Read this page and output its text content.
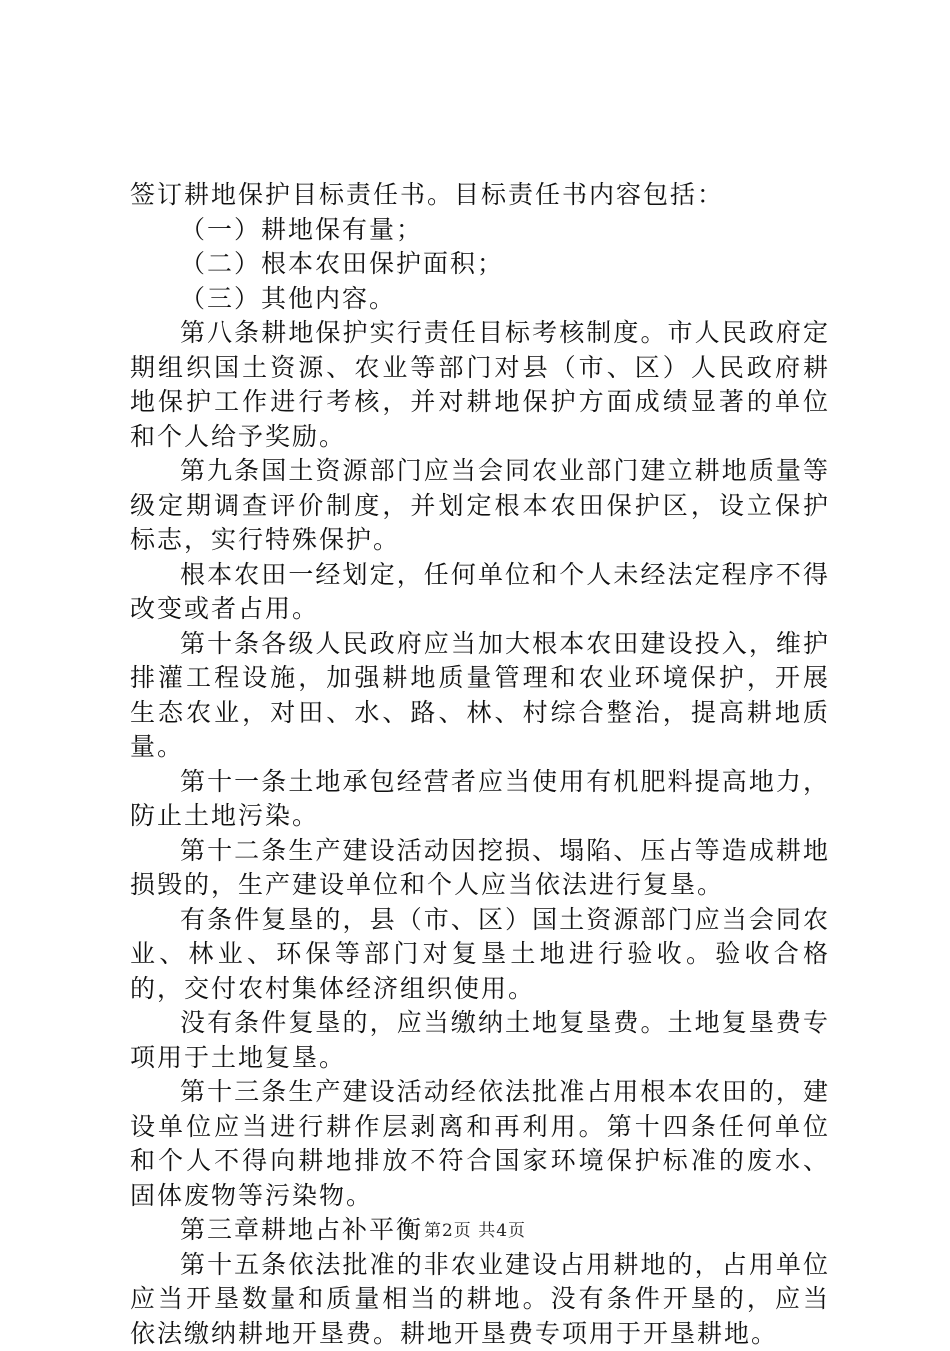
签订耕地保护目标责任书。目标责任书内容包括：

（一）耕地保有量；

（二）根本农田保护面积；

（三）其他内容。

第八条耕地保护实行责任目标考核制度。市人民政府定期组织国土资源、农业等部门对县（市、区）人民政府耕地保护工作进行考核，并对耕地保护方面成绩显著的单位和个人给予奖励。

第九条国土资源部门应当会同农业部门建立耕地质量等级定期调查评价制度，并划定根本农田保护区，设立保护标志，实行特殊保护。

根本农田一经划定，任何单位和个人未经法定程序不得改变或者占用。

第十条各级人民政府应当加大根本农田建设投入，维护排灌工程设施，加强耕地质量管理和农业环境保护，开展生态农业，对田、水、路、林、村综合整治，提高耕地质量。

第十一条土地承包经营者应当使用有机肥料提高地力，防止土地污染。

第十二条生产建设活动因挖损、塌陷、压占等造成耕地损毁的，生产建设单位和个人应当依法进行复垦。

有条件复垦的，县（市、区）国土资源部门应当会同农业、林业、环保等部门对复垦土地进行验收。验收合格的，交付农村集体经济组织使用。

没有条件复垦的，应当缴纳土地复垦费。土地复垦费专项用于土地复垦。

第十三条生产建设活动经依法批准占用根本农田的，建设单位应当进行耕作层剥离和再利用。第十四条任何单位和个人不得向耕地排放不符合国家环境保护标准的废水、固体废物等污染物。

第三章耕地占补平衡

第十五条依法批准的非农业建设占用耕地的，占用单位应当开垦数量和质量相当的耕地。没有条件开垦的，应当依法缴纳耕地开垦费。耕地开垦费专项用于开垦耕地。

第2页 共4页
